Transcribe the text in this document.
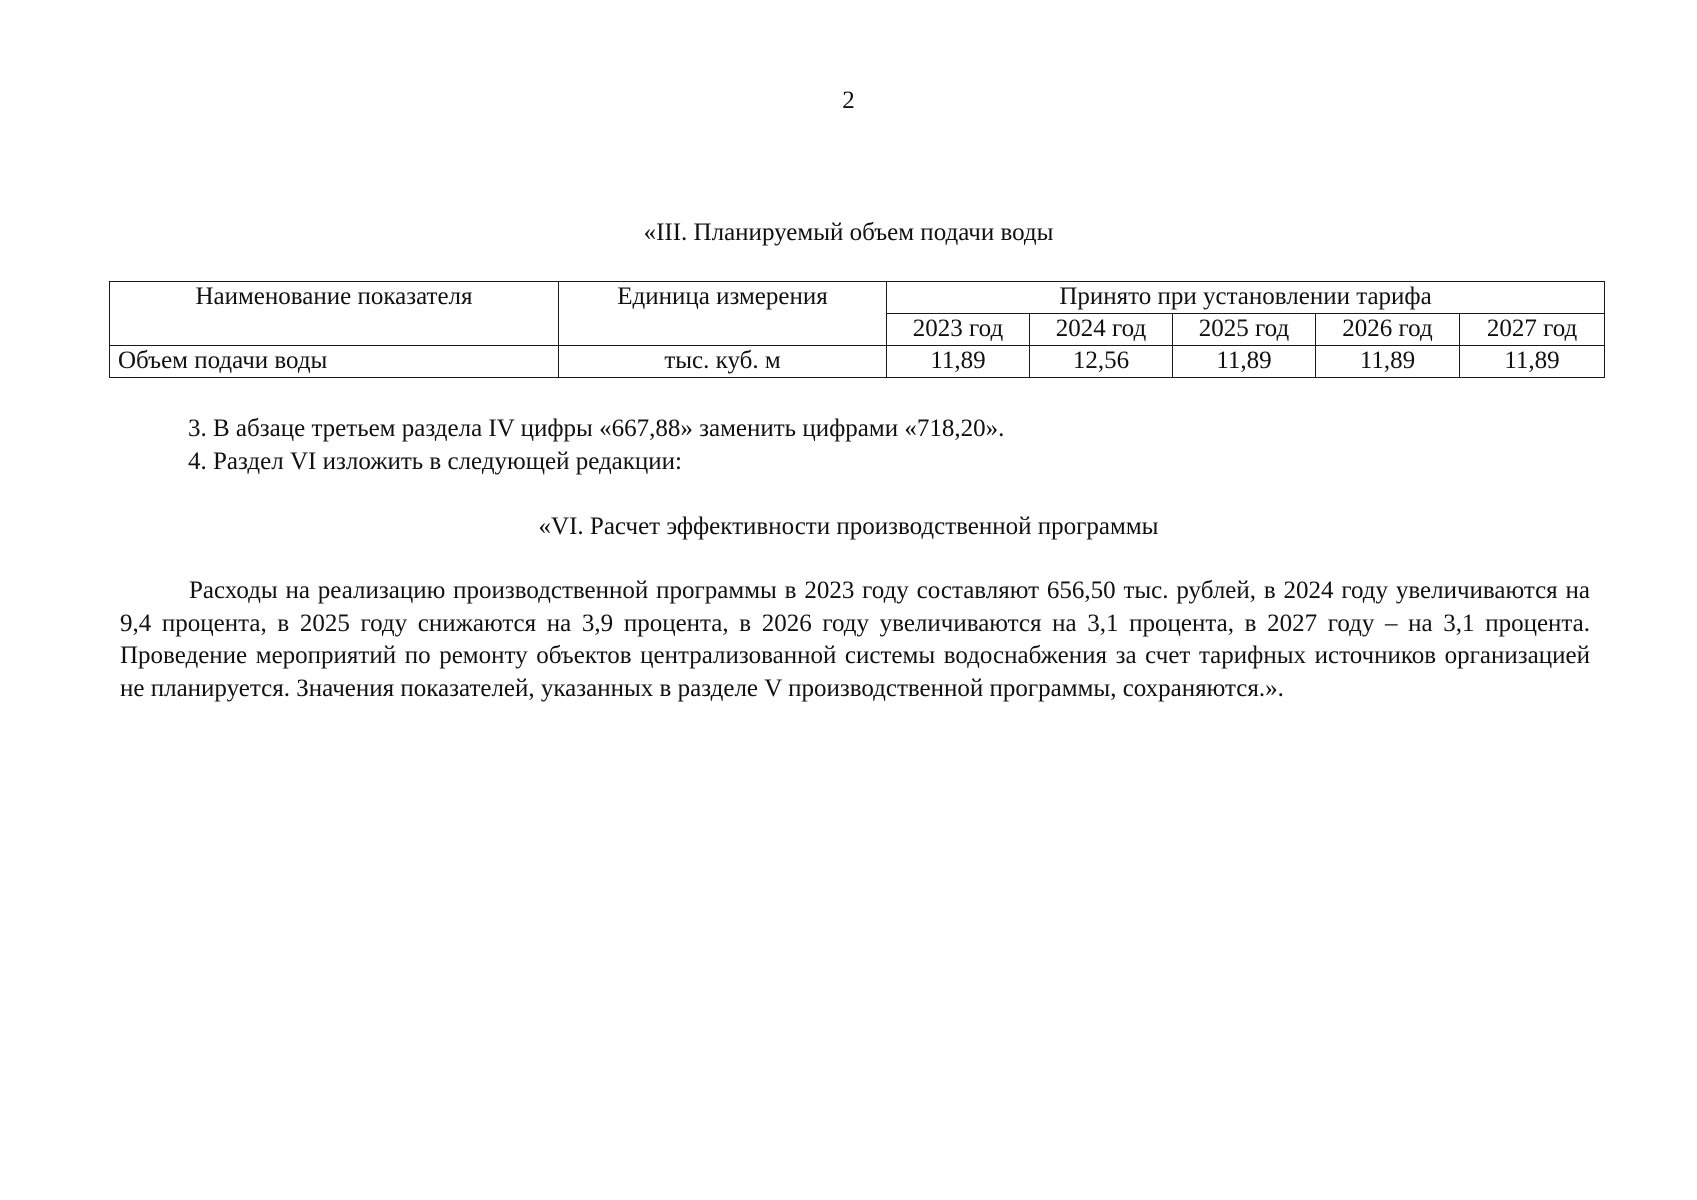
2
«III. Планируемый объем подачи воды
Наименование показателя	Единица измерения	Принято при установлении тарифа				
		2023 год	2024 год	2025 год	2026 год	2027 год
Объем подачи воды	тыс. куб. м	11,89	12,56	11,89	11,89	11,89
3. В абзаце третьем раздела IV цифры «667,88» заменить цифрами «718,20».
4. Раздел VI изложить в следующей редакции:
«VI. Расчет эффективности производственной программы

Расходы на реализацию производственной программы в 2023 году составляют 656,50 тыс. рублей, в 2024 году увеличиваются на 9,4 процента, в 2025 году снижаются на 3,9 процента, в 2026 году увеличиваются на 3,1 процента, в 2027 году – на 3,1 процента. Проведение мероприятий по ремонту объектов централизованной системы водоснабжения за счет тарифных источников организацией не планируется. Значения показателей, указанных в разделе V производственной программы, сохраняются.».
